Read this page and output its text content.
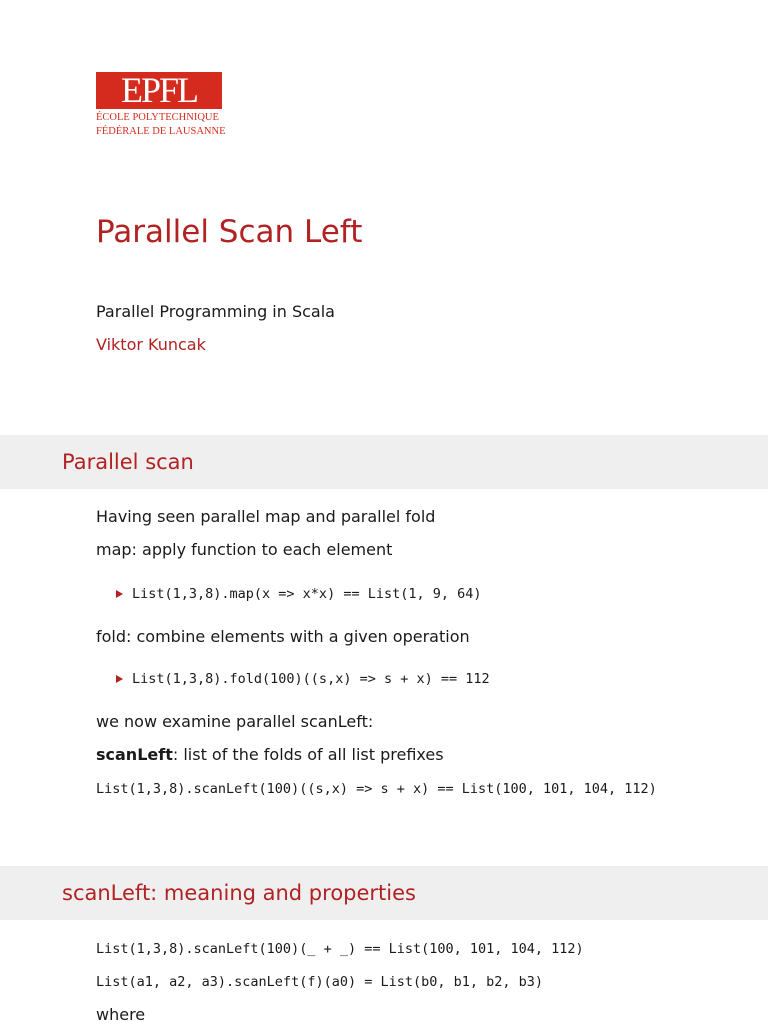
EPFL
ÉCOLE POLYTECHNIQUE
FÉDÉRALE DE LAUSANNE
Parallel Scan Left
Parallel Programming in Scala
Viktor Kuncak
Parallel scan
Having seen parallel map and parallel fold
map: apply function to each element
List(1,3,8).map(x => x*x) == List(1, 9, 64)
fold: combine elements with a given operation
List(1,3,8).fold(100)((s,x) => s + x) == 112
we now examine parallel scanLeft:
scanLeft: list of the folds of all list prefixes
List(1,3,8).scanLeft(100)((s,x) => s + x) == List(100, 101, 104, 112)
scanLeft: meaning and properties
List(1,3,8).scanLeft(100)(_ + _) == List(100, 101, 104, 112)
List(a1, a2, a3).scanLeft(f)(a0) = List(b0, b1, b2, b3)
where
